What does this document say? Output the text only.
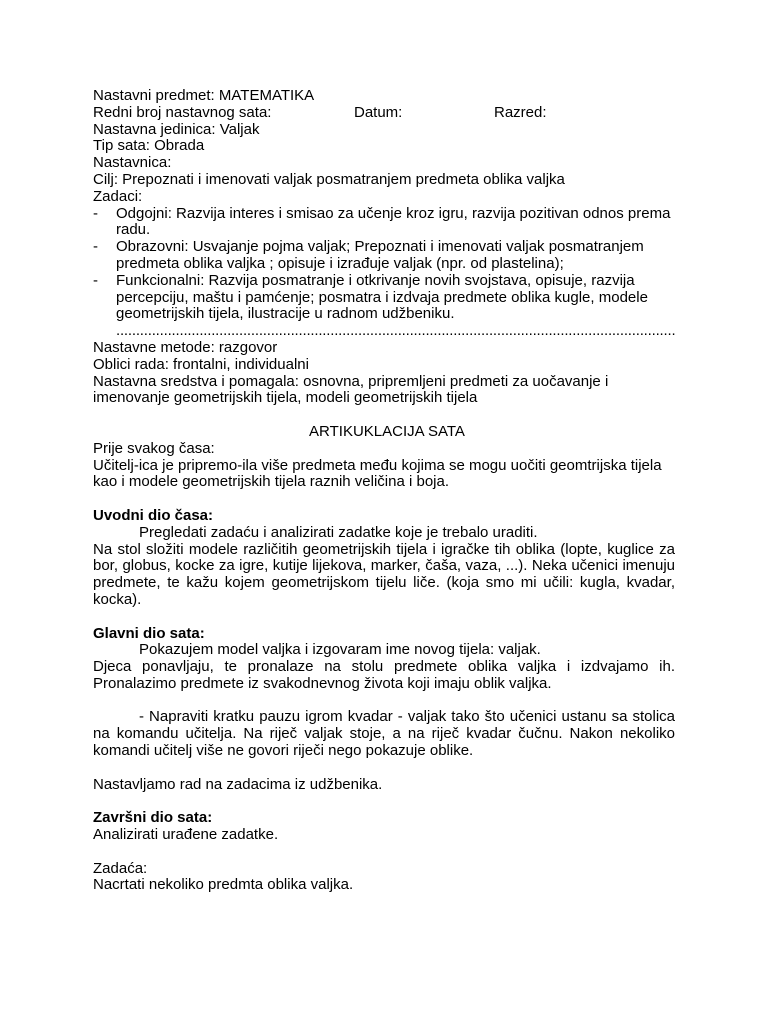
Nastavni predmet: MATEMATIKA
Redni broj nastavnog sata:	Datum:	Razred:
Nastavna jedinica: Valjak
Tip sata: Obrada
Nastavnica:
Cilj: Prepoznati i imenovati valjak posmatranjem predmeta oblika valjka
Zadaci:
-	Odgojni: Razvija interes i smisao za učenje kroz igru, razvija pozitivan odnos prema radu.
-	Obrazovni: Usvajanje pojma valjak; Prepoznati i imenovati valjak posmatranjem predmeta oblika valjka ; opisuje i izrađuje valjak (npr. od plastelina);
-	Funkcionalni: Razvija posmatranje i otkrivanje novih svojstava, opisuje, razvija percepciju, maštu i pamćenje; posmatra i izdvaja predmete oblika kugle, modele geometrijskih tijela, ilustracije u radnom udžbeniku.
.............................................................................................................................................
Nastavne metode: razgovor
Oblici rada: frontalni, individualni
Nastavna sredstva i pomagala: osnovna, pripremljeni predmeti za uočavanje i imenovanje geometrijskih tijela, modeli geometrijskih tijela
ARTIKUKLACIJA SATA
Prije svakog časa:
Učitelj-ica je pripremo-ila više predmeta među kojima se mogu uočiti geomtrijska tijela kao i modele geometrijskih tijela raznih veličina i boja.
Uvodni dio časa:
Pregledati zadaću i analizirati zadatke koje je trebalo uraditi.
Na stol složiti modele različitih geometrijskih tijela i igračke tih oblika (lopte, kuglice za bor, globus, kocke za igre, kutije lijekova, marker, čaša, vaza, ...). Neka učenici imenuju predmete, te kažu kojem geometrijskom tijelu liče. (koja smo mi učili: kugla, kvadar, kocka).
Glavni dio sata:
Pokazujem model valjka i izgovaram ime novog tijela: valjak.
Djeca ponavljaju, te pronalaze na stolu predmete oblika valjka i izdvajamo ih. Pronalazimo predmete iz svakodnevnog života koji imaju oblik valjka.
- Napraviti kratku pauzu igrom kvadar - valjak tako što učenici ustanu sa stolica na komandu učitelja. Na riječ valjak stoje, a na riječ kvadar čučnu. Nakon nekoliko komandi učitelj više ne govori riječi nego pokazuje oblike.
Nastavljamo rad na zadacima iz udžbenika.
Završni dio sata:
Analizirati urađene zadatke.
Zadaća:
Nacrtati nekoliko predmta oblika valjka.
